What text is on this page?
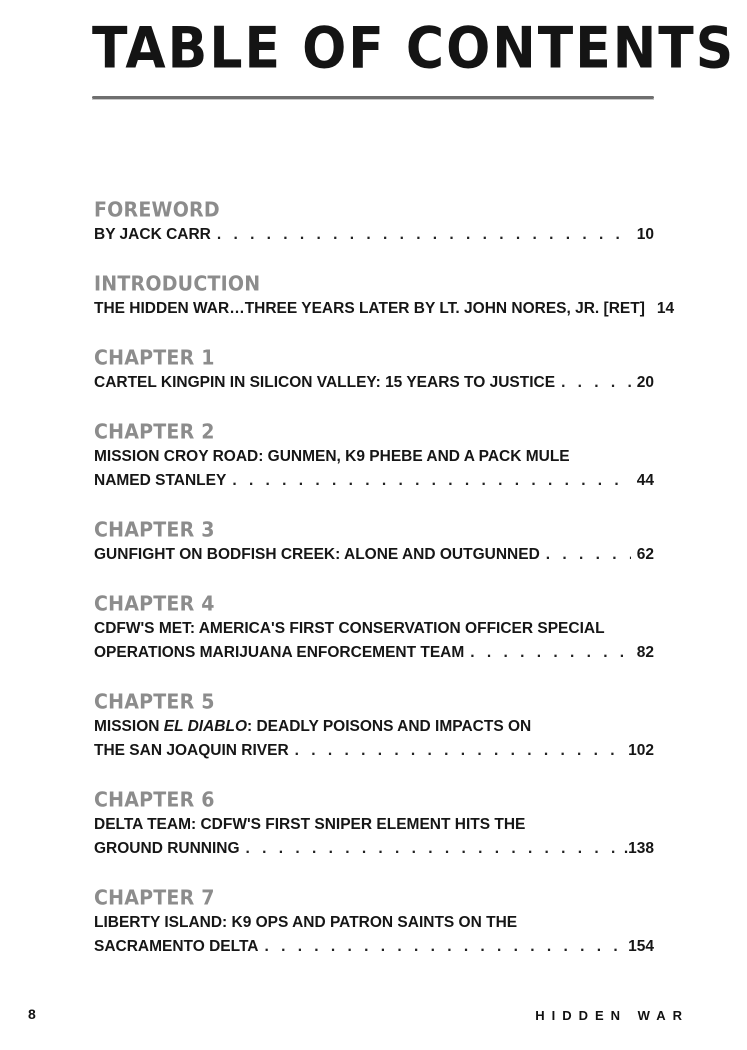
TABLE OF CONTENTS
FOREWORD
BY JACK CARR . . .	10
INTRODUCTION
THE HIDDEN WAR…THREE YEARS LATER BY LT. JOHN NORES, JR. [RET] 14
CHAPTER 1
CARTEL KINGPIN IN SILICON VALLEY: 15 YEARS TO JUSTICE . . .	20
CHAPTER 2
MISSION CROY ROAD: GUNMEN, K9 PHEBE AND A PACK MULE
NAMED STANLEY . . .	44
CHAPTER 3
GUNFIGHT ON BODFISH CREEK: ALONE AND OUTGUNNED . . .	62
CHAPTER 4
CDFW'S MET: AMERICA'S FIRST CONSERVATION OFFICER SPECIAL
OPERATIONS MARIJUANA ENFORCEMENT TEAM . . .	82
CHAPTER 5
MISSION EL DIABLO: DEADLY POISONS AND IMPACTS ON
THE SAN JOAQUIN RIVER . . .	102
CHAPTER 6
DELTA TEAM: CDFW'S FIRST SNIPER ELEMENT HITS THE
GROUND RUNNING . . .	.138
CHAPTER 7
LIBERTY ISLAND: K9 OPS AND PATRON SAINTS ON THE
SACRAMENTO DELTA . . .	154
8	HIDDEN WAR
